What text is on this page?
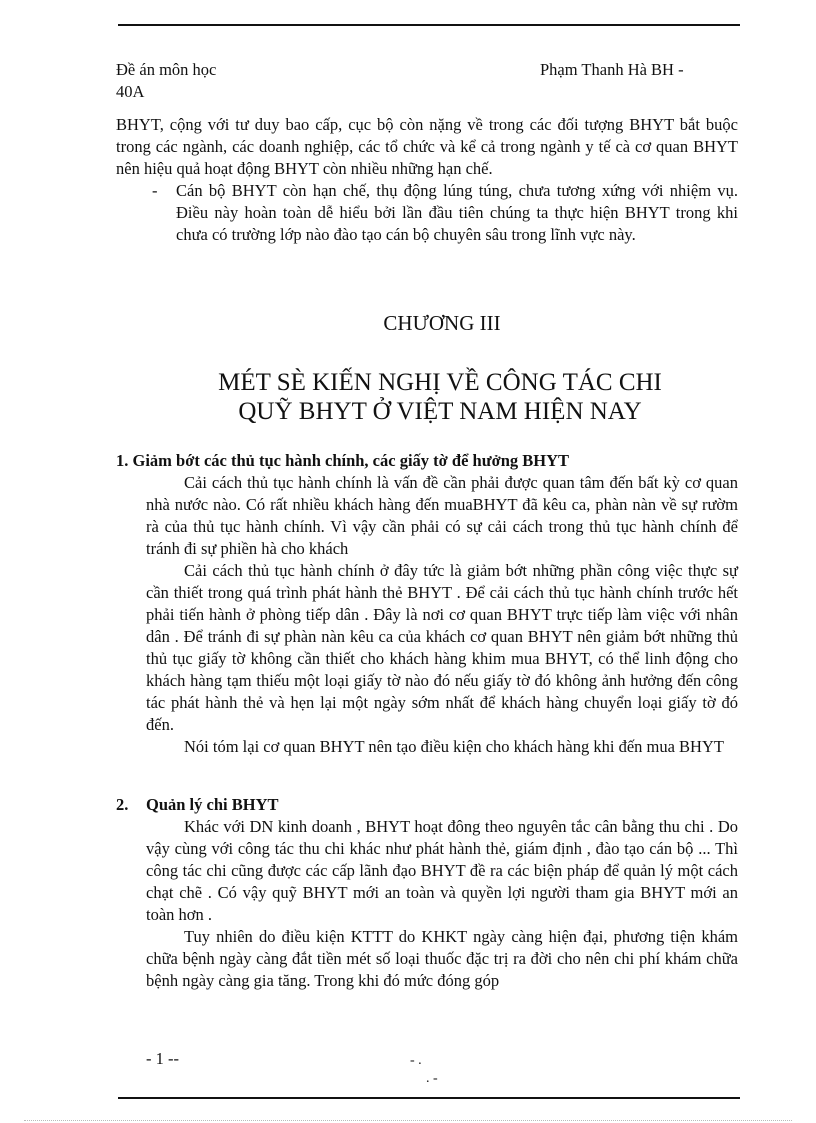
Đề án môn học
40A
Phạm Thanh Hà BH -
BHYT, cộng với tư duy bao cấp, cục bộ còn nặng về trong các đối tượng BHYT bắt buộc trong các ngành, các doanh nghiệp, các tổ chức và kể cả trong ngành y tế cà cơ quan BHYT nên hiệu quả hoạt động BHYT còn nhiều những hạn chế.
- Cán bộ BHYT còn hạn chế, thụ động lúng túng, chưa tương xứng với nhiệm vụ. Điều này hoàn toàn dễ hiểu bởi lần đầu tiên chúng ta thực hiện BHYT trong khi chưa có trường lớp nào đào tạo cán bộ chuyên sâu trong lĩnh vực này.
CHƯƠNG III
MÉT SÈ KIẾN NGHỊ VỀ CÔNG TÁC CHI
QUỸ BHYT Ở VIỆT NAM HIỆN NAY
1. Giảm bớt các thủ tục hành chính, các giấy tờ để hưởng BHYT

Cải cách thủ tục hành chính là vấn đề cần phải được quan tâm đến bất kỳ cơ quan nhà nước nào. Có rất nhiều khách hàng đến muaBHYT đã kêu ca, phàn nàn về sự rườm rà của thủ tục hành chính. Vì vậy cần phải có sự cải cách trong thủ tục hành chính để tránh đi sự phiền hà cho khách

Cải cách thủ tục hành chính ở đây tức là giảm bớt những phần công việc thực sự cần thiết trong quá trình phát hành thẻ BHYT . Để cải cách thủ tục hành chính trước hết phải tiến hành ở phòng tiếp dân . Đây là nơi cơ quan BHYT trực tiếp làm việc với nhân dân . Để tránh đi sự phàn nàn kêu ca của khách cơ quan BHYT nên giảm bớt những thủ thủ tục giấy tờ không cần thiết cho khách hàng khim mua BHYT, có thể linh động cho khách hàng tạm thiếu một loại giấy tờ nào đó nếu giấy tờ đó không ảnh hưởng đến công tác phát hành thẻ và hẹn lại một ngày sớm nhất để khách hàng chuyển loại giấy tờ đó đến.

Nói tóm lại cơ quan BHYT nên tạo điều kiện cho khách hàng khi đến mua BHYT

2. Quản lý chi BHYT

Khác với DN kinh doanh , BHYT hoạt đông theo nguyên tắc cân bằng thu chi . Do vậy cùng với công tác thu chi khác như phát hành thẻ, giám định , đào tạo cán bộ ... Thì công tác chi cũng được các cấp lãnh đạo BHYT đề ra các biện pháp để quản lý một cách chạt chẽ . Có vậy quỹ BHYT mới an toàn và quyền lợi người tham gia BHYT mới an toàn hơn .

Tuy nhiên do điều kiện KTTT do KHKT ngày càng hiện đại, phương tiện khám chữa bệnh ngày càng đắt tiền mét số loại thuốc đặc trị ra đời cho nên chi phí khám chữa bệnh ngày càng gia tăng. Trong khi đó mức đóng góp

- 1 --	- .
. -
